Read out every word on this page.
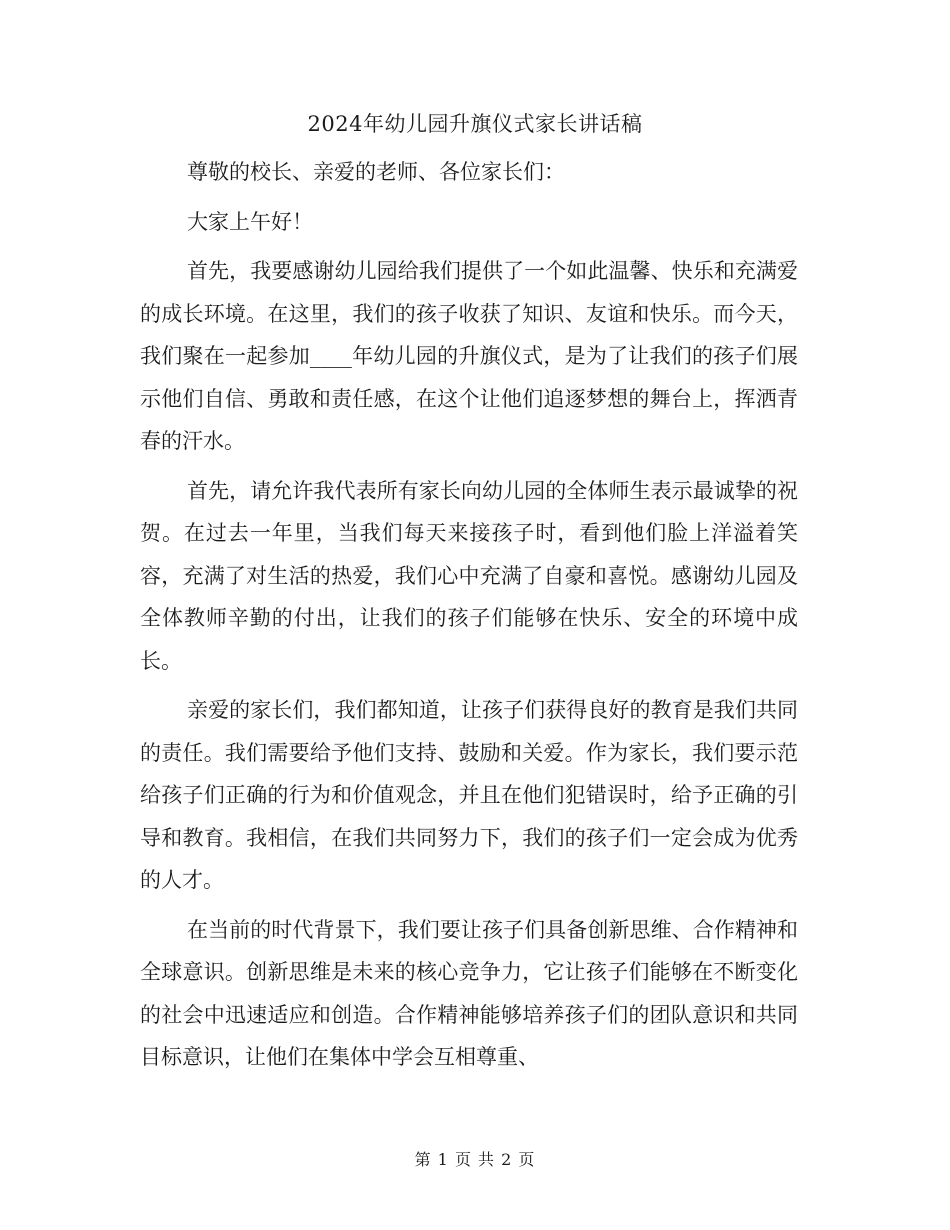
2024年幼儿园升旗仪式家长讲话稿

尊敬的校长、亲爱的老师、各位家长们：

大家上午好！

首先，我要感谢幼儿园给我们提供了一个如此温馨、快乐和充满爱的成长环境。在这里，我们的孩子收获了知识、友谊和快乐。而今天，我们聚在一起参加____年幼儿园的升旗仪式，是为了让我们的孩子们展示他们自信、勇敢和责任感，在这个让他们追逐梦想的舞台上，挥洒青春的汗水。

首先，请允许我代表所有家长向幼儿园的全体师生表示最诚挚的祝贺。在过去一年里，当我们每天来接孩子时，看到他们脸上洋溢着笑容，充满了对生活的热爱，我们心中充满了自豪和喜悦。感谢幼儿园及全体教师辛勤的付出，让我们的孩子们能够在快乐、安全的环境中成长。

亲爱的家长们，我们都知道，让孩子们获得良好的教育是我们共同的责任。我们需要给予他们支持、鼓励和关爱。作为家长，我们要示范给孩子们正确的行为和价值观念，并且在他们犯错误时，给予正确的引导和教育。我相信，在我们共同努力下，我们的孩子们一定会成为优秀的人才。

在当前的时代背景下，我们要让孩子们具备创新思维、合作精神和全球意识。创新思维是未来的核心竞争力，它让孩子们能够在不断变化的社会中迅速适应和创造。合作精神能够培养孩子们的团队意识和共同目标意识，让他们在集体中学会互相尊重、

第 1 页 共 2 页
